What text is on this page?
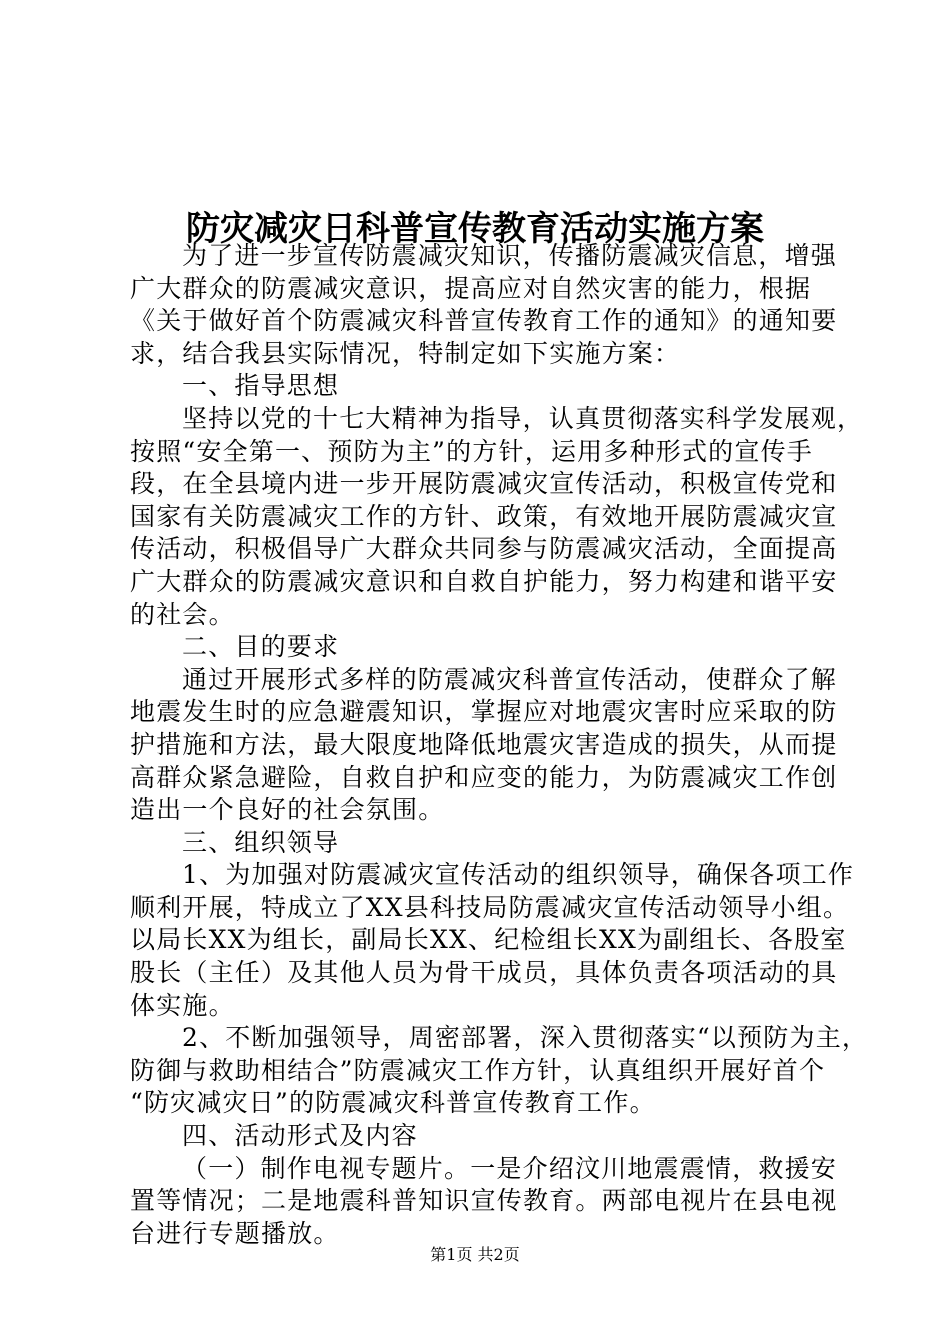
防灾减灾日科普宣传教育活动实施方案
为了进一步宣传防震减灾知识，传播防震减灾信息，增强
广大群众的防震减灾意识，提高应对自然灾害的能力，根据
《关于做好首个防震减灾科普宣传教育工作的通知》的通知要
求，结合我县实际情况，特制定如下实施方案：
一、指导思想
坚持以党的十七大精神为指导，认真贯彻落实科学发展观，
按照“安全第一、预防为主”的方针，运用多种形式的宣传手
段，在全县境内进一步开展防震减灾宣传活动，积极宣传党和
国家有关防震减灾工作的方针、政策，有效地开展防震减灾宣
传活动，积极倡导广大群众共同参与防震减灾活动，全面提高
广大群众的防震减灾意识和自救自护能力，努力构建和谐平安
的社会。
二、目的要求
通过开展形式多样的防震减灾科普宣传活动，使群众了解
地震发生时的应急避震知识，掌握应对地震灾害时应采取的防
护措施和方法，最大限度地降低地震灾害造成的损失，从而提
高群众紧急避险，自救自护和应变的能力，为防震减灾工作创
造出一个良好的社会氛围。
三、组织领导
1、为加强对防震减灾宣传活动的组织领导，确保各项工作
顺利开展，特成立了XX县科技局防震减灾宣传活动领导小组。
以局长XX为组长，副局长XX、纪检组长XX为副组长、各股室
股长（主任）及其他人员为骨干成员，具体负责各项活动的具
体实施。
2、不断加强领导，周密部署，深入贯彻落实“以预防为主，
防御与救助相结合”防震减灾工作方针，认真组织开展好首个
“防灾减灾日”的防震减灾科普宣传教育工作。
四、活动形式及内容
（一）制作电视专题片。一是介绍汶川地震震情，救援安
置等情况；二是地震科普知识宣传教育。两部电视片在县电视
台进行专题播放。
第1页 共2页
